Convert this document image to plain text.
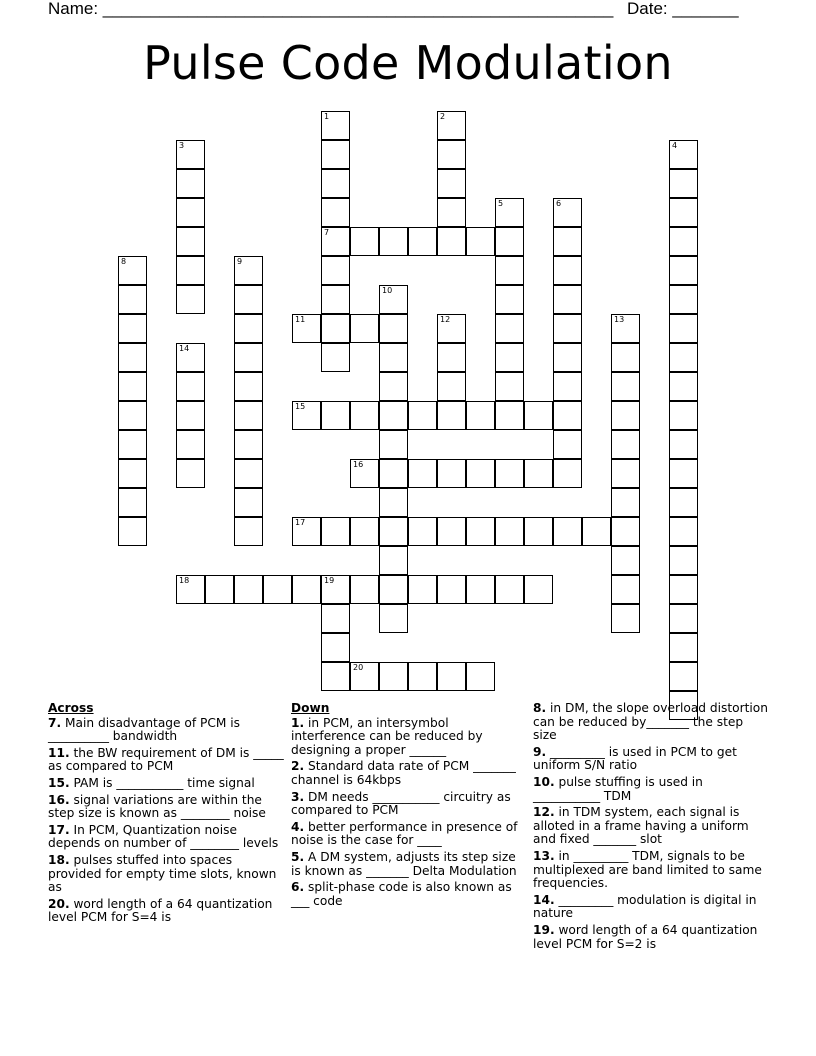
Name: ______________________________________________________ Date: _______
Pulse Code Modulation
1
7
2
3	4
5	6
8	9
10
11	12	13
14
15
16
17
18	19
20
Across
7. Main disadvantage of PCM is __________ bandwidth
11. the BW requirement of DM is _____ as compared to PCM
15. PAM is ___________ time signal
16. signal variations are within the step size is known as ________ noise
17. In PCM, Quantization noise depends on number of ________ levels
18. pulses stuffed into spaces provided for empty time slots, known as
20. word length of a 64 quantization level PCM for S=4 is
Down
1. in PCM, an intersymbol interference can be reduced by designing a proper ______
2. Standard data rate of PCM _______ channel is 64kbps
3. DM needs ___________ circuitry as compared to PCM
4. better performance in presence of noise is the case for ____
5. A DM system, adjusts its step size is known as _______ Delta Modulation
6. split-phase code is also known as ___ code
8. in DM, the slope overload distortion can be reduced by_______ the step size
9. _________ is used in PCM to get uniform S/N ratio
10. pulse stuffing is used in ___________ TDM
12. in TDM system, each signal is alloted in a frame having a uniform and fixed _______ slot
13. in _________ TDM, signals to be multiplexed are band limited to same frequencies.
14. _________ modulation is digital in nature
19. word length of a 64 quantization level PCM for S=2 is
